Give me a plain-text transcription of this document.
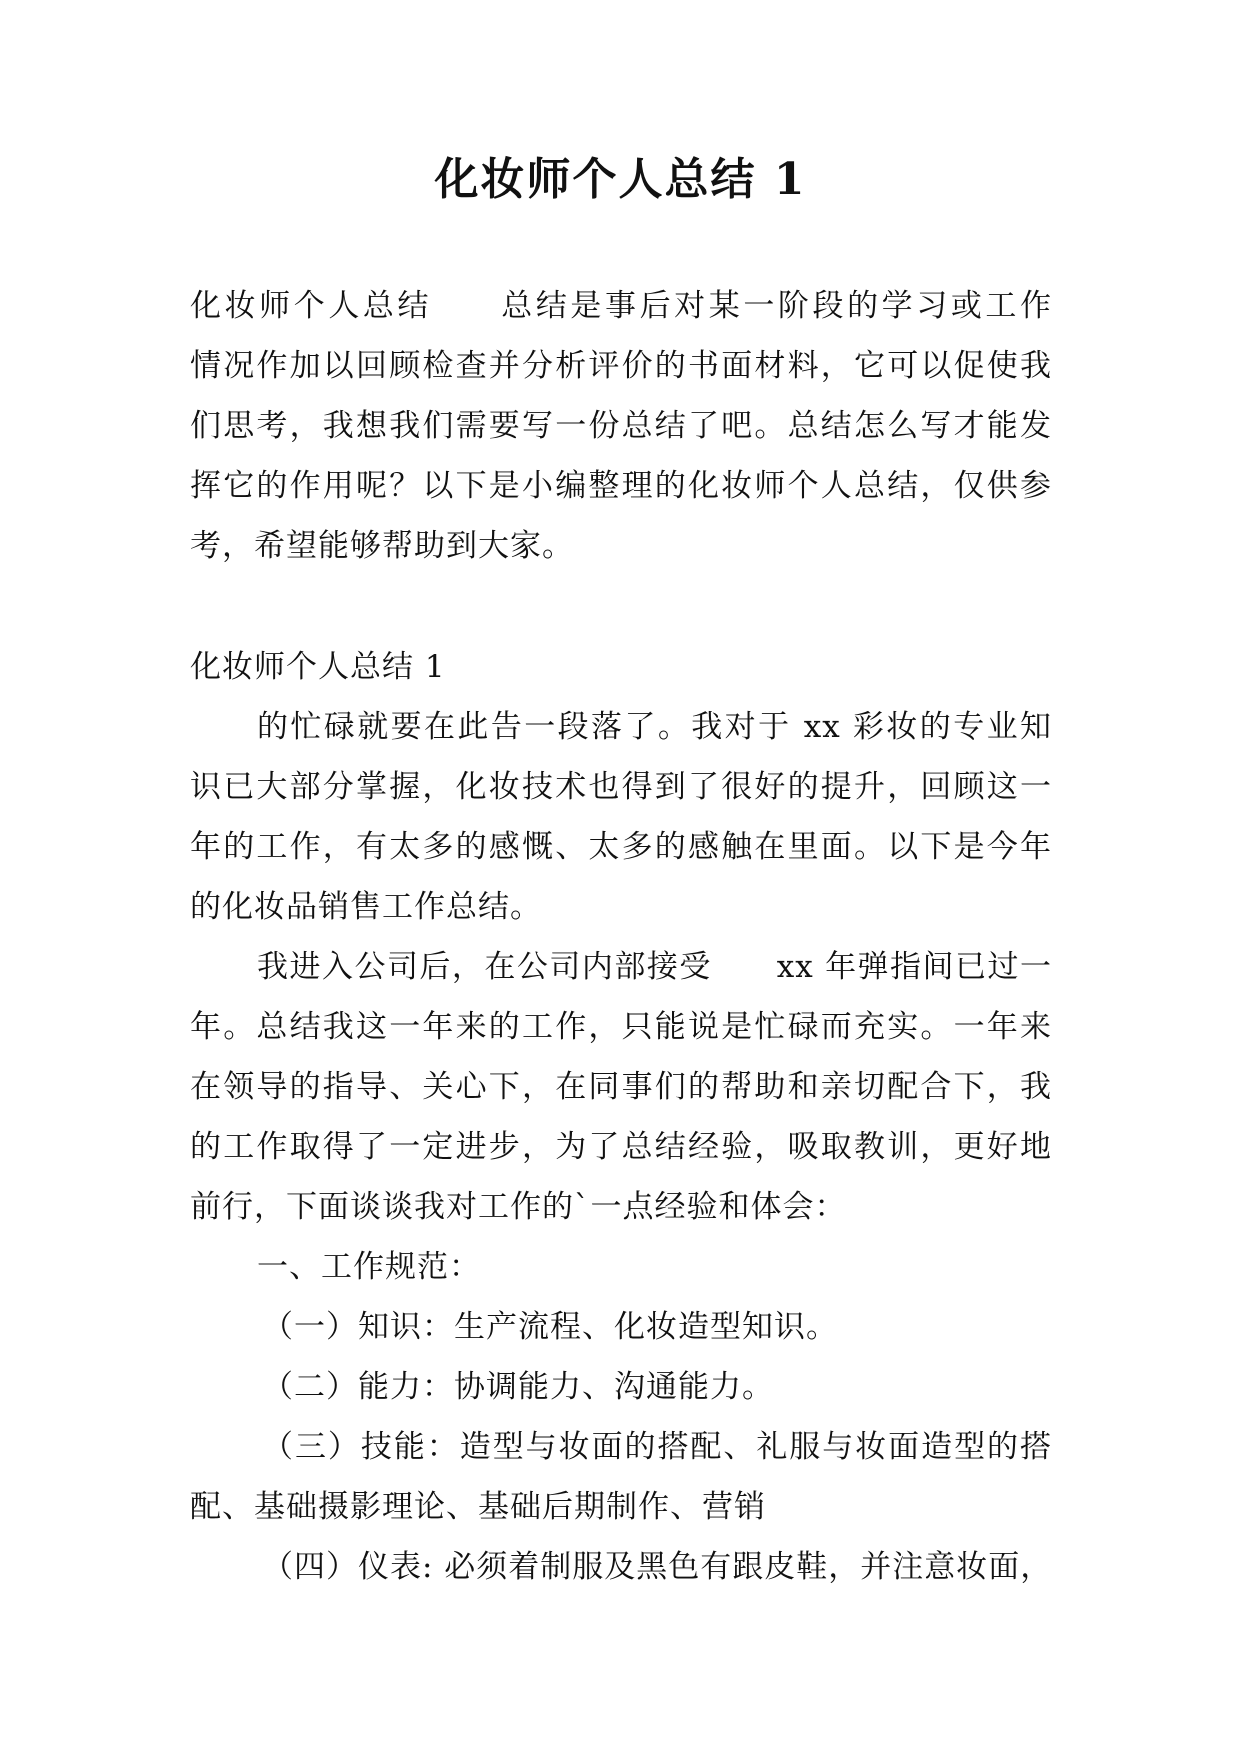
化妆师个人总结 1
化妆师个人总结　　总结是事后对某一阶段的学习或工作
情况作加以回顾检查并分析评价的书面材料，它可以促使我
们思考，我想我们需要写一份总结了吧。总结怎么写才能发
挥它的作用呢？以下是小编整理的化妆师个人总结，仅供参
考，希望能够帮助到大家。
化妆师个人总结 1
的忙碌就要在此告一段落了。我对于 xx 彩妆的专业知
识已大部分掌握，化妆技术也得到了很好的提升，回顾这一
年的工作，有太多的感慨、太多的感触在里面。以下是今年
的化妆品销售工作总结。
我进入公司后，在公司内部接受　　xx 年弹指间已过一
年。总结我这一年来的工作，只能说是忙碌而充实。一年来
在领导的指导、关心下，在同事们的帮助和亲切配合下，我
的工作取得了一定进步，为了总结经验，吸取教训，更好地
前行，下面谈谈我对工作的`一点经验和体会：
一、工作规范：
（一）知识：生产流程、化妆造型知识。
（二）能力：协调能力、沟通能力。
（三）技能：造型与妆面的搭配、礼服与妆面造型的搭
配、基础摄影理论、基础后期制作、营销
（四）仪表: 必须着制服及黑色有跟皮鞋，并注意妆面，
